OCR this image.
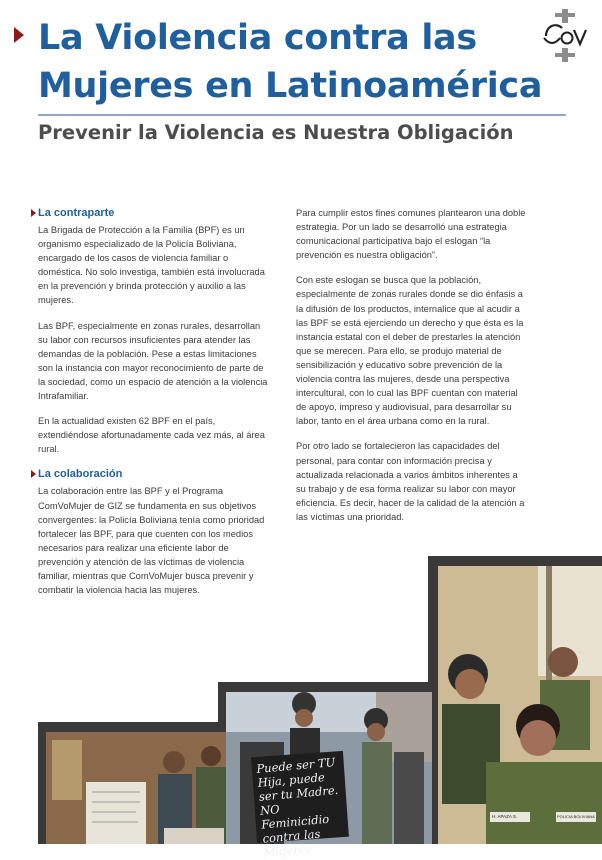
La Violencia contra las
Mujeres en Latinoamérica
Prevenir la Violencia es Nuestra Obligación
La contraparte

La Brigada de Protección a la Familia (BPF) es un organismo especializado de la Policía Boliviana, encargado de los casos de violencia familiar o doméstica. No solo investiga, también está involucrada en la prevención y brinda protección y auxilio a las mujeres.

Las BPF, especialmente en zonas rurales, desarrollan su labor con recursos insuficientes para atender las demandas de la población. Pese a estas limitaciones son la instancia con mayor reconocimiento de parte de la sociedad, como un espacio de atención a la violencia Intrafamiliar.

En la actualidad existen 62 BPF en el país, extendiéndose afortunadamente cada vez más, al área rural.

La colaboración

La colaboración entre las BPF y el Programa ComVoMujer de GIZ se fundamenta en sus objetivos convergentes: la Policía Boliviana tenía como prioridad fortalecer las BPF, para que cuenten con los medios necesarios para realizar una eficiente labor de prevención y atención de las víctimas de violencia familiar, mientras que ComVoMujer busca prevenir y combatir la violencia hacia las mujeres.

Para cumplir estos fines comunes plantearon una doble estrategia. Por un lado se desarrolló una estrategia comunicacional participativa bajo el eslogan “la prevención es nuestra obligación”.

Con este eslogan se busca que la población, especialmente de zonas rurales donde se dio énfasis a la difusión de los productos, internalice que al acudir a las BPF se está ejerciendo un derecho y que ésta es la instancia estatal con el deber de prestarles la atención que se merecen. Para ello, se produjo material de sensibilización y educativo sobre prevención de la violencia contra las mujeres, desde una perspectiva intercultural, con lo cual las BPF cuentan con material de apoyo, impreso y audiovisual, para desarrollar su labor, tanto en el área urbana como en la rural.

Por otro lado se fortalecieron las capacidades del personal, para contar con información precisa y actualizada relacionada a varios ámbitos inherentes a su trabajo y de esa forma realizar su labor con mayor eficiencia. Es decir, hacer de la calidad de la atención a las víctimas una prioridad.

Puede ser TU Hija, puede ser tu Madre. NO Feminicidio contra las Mujeres
H. APAZA S.	POLICIA BOLIVIANA
